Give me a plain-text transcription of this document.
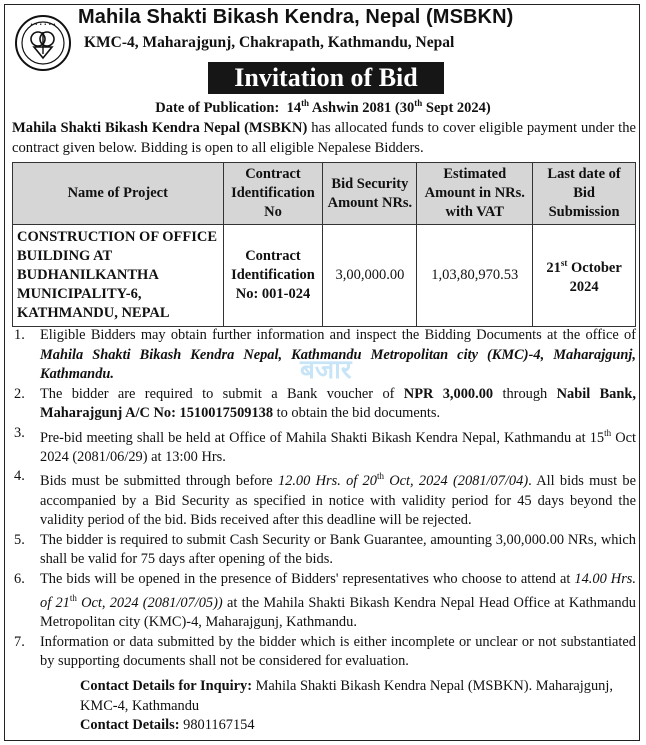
• • • • • • Mahila Shakti Bikash Kendra, Nepal (MSBKN)
KMC-4, Maharajgunj, Chakrapath, Kathmandu, Nepal
Invitation of Bid
Date of Publication: 14th Ashwin 2081 (30th Sept 2024)
Mahila Shakti Bikash Kendra Nepal (MSBKN) has allocated funds to cover eligible payment under the contract given below. Bidding is open to all eligible Nepalese Bidders.
Name of Project	Contract Identification No	Bid Security Amount NRs.	Estimated Amount in NRs. with VAT	Last date of Bid Submission
CONSTRUCTION OF OFFICE BUILDING AT BUDHANILKANTHA MUNICIPALITY-6, KATHMANDU, NEPAL	Contract Identification No: 001-024	3,00,000.00	1,03,80,970.53	21st October 2024
बजार
1.	Eligible Bidders may obtain further information and inspect the Bidding Documents at the office of Mahila Shakti Bikash Kendra Nepal, Kathmandu Metropolitan city (KMC)-4, Maharajgunj, Kathmandu.
2.	The bidder are required to submit a Bank voucher of NPR 3,000.00 through Nabil Bank, Maharajgunj A/C No: 1510017509138 to obtain the bid documents.
3.	Pre-bid meeting shall be held at Office of Mahila Shakti Bikash Kendra Nepal, Kathmandu at 15th Oct 2024 (2081/06/29) at 13:00 Hrs.
4.	Bids must be submitted through before 12.00 Hrs. of 20th Oct, 2024 (2081/07/04). All bids must be accompanied by a Bid Security as specified in notice with validity period for 45 days beyond the validity period of the bid. Bids received after this deadline will be rejected.
5.	The bidder is required to submit Cash Security or Bank Guarantee, amounting 3,00,000.00 NRs, which shall be valid for 75 days after opening of the bids.
6.	The bids will be opened in the presence of Bidders' representatives who choose to attend at 14.00 Hrs. of 21th Oct, 2024 (2081/07/05)) at the Mahila Shakti Bikash Kendra Nepal Head Office at Kathmandu Metropolitan city (KMC)-4, Maharajgunj, Kathmandu.
7.	Information or data submitted by the bidder which is either incomplete or unclear or not substantiated by supporting documents shall not be considered for evaluation.
Contact Details for Inquiry: Mahila Shakti Bikash Kendra Nepal (MSBKN). Maharajgunj, KMC-4, Kathmandu
Contact Details: 9801167154
